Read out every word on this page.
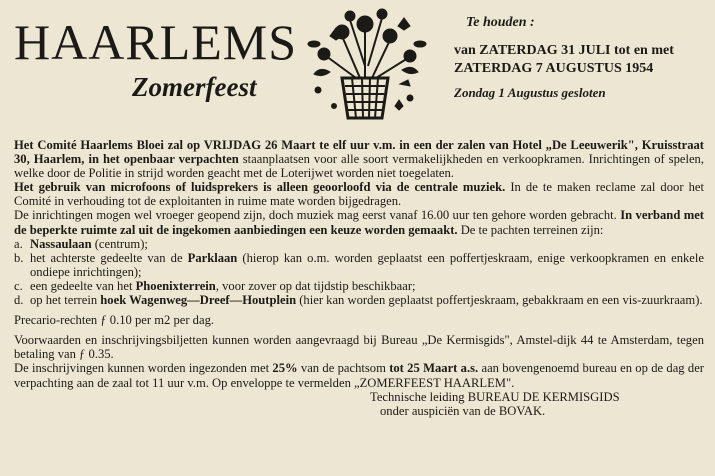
HAARLEMS
Zomerfeest
Te houden :
van ZATERDAG 31 JULI tot en met
ZATERDAG 7 AUGUSTUS 1954
Zondag 1 Augustus gesloten

Het Comité Haarlems Bloei zal op VRIJDAG 26 Maart te elf uur v.m. in een der zalen van Hotel „De Leeuwerik", Kruisstraat 30, Haarlem, in het openbaar verpachten staanplaatsen voor alle soort vermakelijkheden en verkoopkramen. Inrichtingen of spelen, welke door de Politie in strijd worden geacht met de Loterijwet worden niet toegelaten.

Het gebruik van microfoons of luidsprekers is alleen geoorloofd via de centrale muziek. In de te maken reclame zal door het Comité in verhouding tot de exploitanten in ruime mate worden bijgedragen.
De inrichtingen mogen wel vroeger geopend zijn, doch muziek mag eerst vanaf 16.00 uur ten gehore worden gebracht. In verband met de beperkte ruimte zal uit de ingekomen aanbiedingen een keuze worden gemaakt. De te pachten terreinen zijn:

a. Nassaulaan (centrum);
b. het achterste gedeelte van de Parklaan (hierop kan o.m. worden geplaatst een poffertjeskraam, enige verkoopkramen en enkele ondiepe inrichtingen);
c. een gedeelte van het Phoenixterrein, voor zover op dat tijdstip beschikbaar;
d. op het terrein hoek Wagenweg—Dreef—Houtplein (hier kan worden geplaatst poffertjeskraam, gebakkraam en een vis-zuurkraam).

Precario-rechten ƒ 0.10 per m2 per dag.

Voorwaarden en inschrijvingsbiljetten kunnen worden aangevraagd bij Bureau „De Kermisgids", Amstel-dijk 44 te Amsterdam, tegen betaling van ƒ 0.35.

De inschrijvingen kunnen worden ingezonden met 25% van de pachtsom tot 25 Maart a.s. aan bovengenoemd bureau en op de dag der verpachting aan de zaal tot 11 uur v.m. Op enveloppe te vermelden „ZOMERFEEST HAARLEM".

Technische leiding BUREAU DE KERMISGIDS
onder auspiciën van de BOVAK.
